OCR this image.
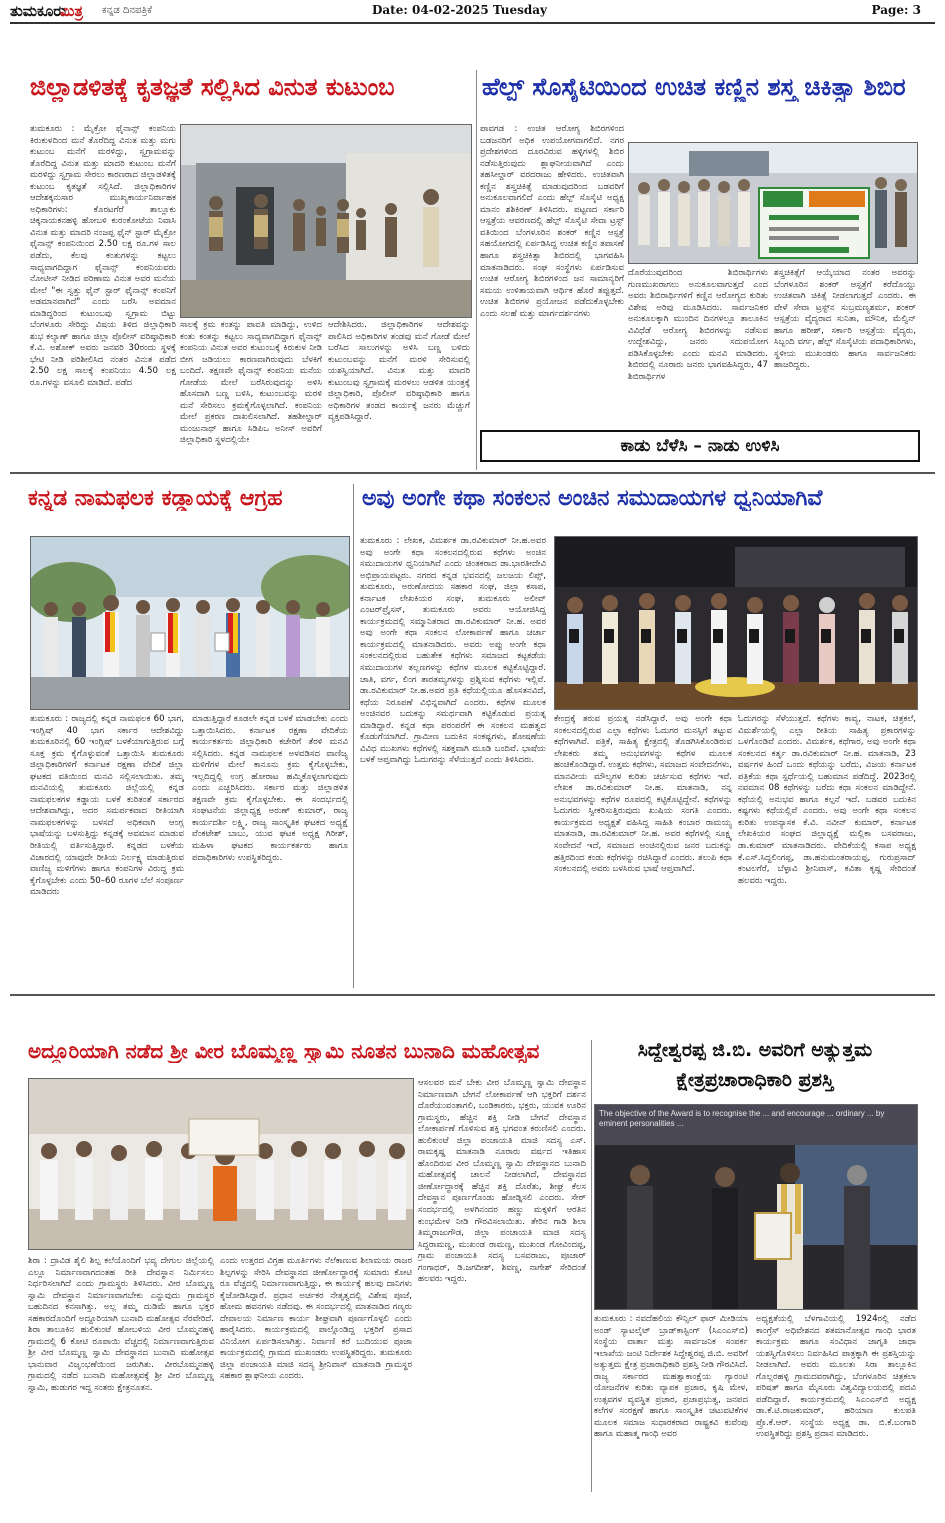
ತುಮಕೂರು
ಮಿತ್ರ ಕನ್ನಡ ದಿನಪತ್ರಿಕೆ	Date: 04-02-2025 Tuesday	Page: 3
ಜಿಲ್ಲಾಡಳಿತಕ್ಕೆ ಕೃತಜ್ಞತೆ ಸಲ್ಲಿಸಿದ ವಿನುತ ಕುಟುಂಬ
ತುಮಕೂರು : ಮೈಕ್ರೋ ಫೈನಾನ್ಸ್ ಕಂಪನಿಯ ಕಿರುಕುಳದಿಂದ ಮನೆ ತೊರೆದಿದ್ದ ವಿನುತ ಮತ್ತು ಮಗು ಕುಟುಂಬ ಮನೆಗೆ ಮರಳಿದ್ದು, ಸ್ವಗ್ರಾಮವನ್ನು ತೊರೆದಿದ್ದ ವಿನುತ ಮತ್ತು ಮಾದರಿ ಕುಟುಂಬ ಮನೆಗೆ ಮರಳಿದ್ದು ಸ್ವಗ್ರಾಮ ಸೇರಲು ಕಾರಣರಾದ ಜಿಲ್ಲಾಡಳಿತಕ್ಕೆ ಕುಟುಂಬ ಕೃತಜ್ಞತೆ ಸಲ್ಲಿಸಿದೆ. ಜಿಲ್ಲಾಧಿಕಾರಿಗಳ ಆದೇಶಕ್ಕನುಸಾರ ಮುಖ್ಯಕಾರ್ಯನಿರ್ವಾಹಕ ಅಧಿಕಾರಿಗಳು: ಕೊರಟಗೆರೆ ತಾಲ್ಲೂಕು ಚಿಕ್ಕನಾಯಕನಹಳ್ಳಿ ಹೋಬಳಿ ಕುರಂಕೋಟೆಯ ನಿವಾಸಿ ವಿನುತ ಮತ್ತು ಮಾದರಿ ನಂಜಪ್ಪ ಫೈನ್ ಸ್ಟಾರ್ ಮೈಕ್ರೋ ಫೈನಾನ್ಸ್ ಕಂಪನಿಯಿಂದ 2.50 ಲಕ್ಷ ರೂ.ಗಳ ಸಾಲ ಪಡೆದು, ಕೆಲವು ಕಂತುಗಳನ್ನು ಕಟ್ಟಲು ಸಾಧ್ಯವಾಗದಿದ್ದಾಗ ಫೈನಾನ್ಸ್ ಕಂಪನಿಯವರು ನೋಟೀಸ್ ನೀಡಿದ ಪರಿಣಾಮ ವಿನುತ ಅವರ ಮನೆಯ ಮೇಲೆ "ಈ ಸ್ವತ್ತು ಫೈನ್ ಸ್ಟಾರ್ ಫೈನಾನ್ಸ್ ಕಂಪನಿಗೆ ಅಡಮಾನವಾಗಿದೆ" ಎಂದು ಬರೆಸಿ ಅವಮಾನ ಮಾಡಿದ್ದರಿಂದ ಕುಟುಂಬವು ಸ್ವಗ್ರಾಮ ಬಿಟ್ಟು ಬೆಂಗಳೂರು ಸೇರಿದ್ದು ವಿಷಯ ತಿಳಿದ ಜಿಲ್ಲಾಧಿಕಾರಿ ಶುಭ ಕಲ್ಯಾಣ್ ಹಾಗೂ ಜಿಲ್ಲಾ ಪೊಲೀಸ್ ವರಿಷ್ಠಾಧಿಕಾರಿ ಕೆ.ವಿ. ಅಶೋಕ್ ಅವರು ಜನವರಿ 30ರಂದು ಸ್ಥಳಕ್ಕೆ ಭೇಟಿ ನೀಡಿ ಪರಿಶೀಲಿಸಿದ ನಂತರ ವಿನುತ ಪಡೆದ 2.50 ಲಕ್ಷ ಸಾಲಕ್ಕೆ ಕಂಪನಿಯು 4.50 ಲಕ್ಷ ರೂ.ಗಳನ್ನು ವಸೂಲಿ ಮಾಡಿದೆ. ಪಡೆದ
ಸಾಲಕ್ಕೆ ಕ್ರಮ ಕಂತನ್ನು ಪಾವತಿ ಮಾಡಿದ್ದು, ಉಳಿದ ಕಂತು ಕಂತನ್ನು ಕಟ್ಟಲು ಸಾಧ್ಯವಾಗದಿದ್ದಾಗ ಫೈನಾನ್ಸ್ ಕಂಪನಿಯ ವಿನುತ ಅವರ ಕುಟುಂಬಕ್ಕೆ ಕಿರುಕುಳ ನೀಡಿ ಬೀಗ ಜಡಿಯಲು ಕಾರಣವಾಗಿರುವುದು ಬೆಳಕಿಗೆ ಬಂದಿದೆ. ತಕ್ಷಣವೇ ಫೈನಾನ್ಸ್ ಕಂಪನಿಯ ಮನೆಯ ಗೋಡೆಯ ಮೇಲೆ ಬರೆಸಿರುವುದನ್ನು ಅಳಿಸಿ ಹೊಸದಾಗಿ ಬಣ್ಣ ಬಳಿಸಿ, ಕುಟುಂಬವನ್ನು ಮರಳಿ ಮನೆ ಸೇರಿಸಲು ಕ್ರಮಕೈಗೊಳ್ಳಲಾಗಿದೆ. ಕಂಪನಿಯ ಮೇಲೆ ಪ್ರಕರಣ ದಾಖಲಿಸಲಾಗಿದೆ. ತಹಶೀಲ್ದಾರ್ ಮಂಜುನಾಥ್ ಹಾಗೂ ಸಿಡಿಪಿಒ ಅನೀಸ್ ಅವರಿಗೆ ಜಿಲ್ಲಾಧಿಕಾರಿ ಸ್ಥಳದಲ್ಲಿಯೇ
ಆದೇಶಿಸಿದರು. ಜಿಲ್ಲಾಧಿಕಾರಿಗಳ ಆದೇಶವನ್ನು ಪಾಲಿಸಿದ ಅಧಿಕಾರಿಗಳ ತಂಡವು ಮನೆ ಗೋಡೆ ಮೇಲೆ ಬರೆಸಿದ ಸಾಲುಗಳನ್ನು ಅಳಿಸಿ ಬಣ್ಣ ಬಳಿದು ಕುಟುಂಬವನ್ನು ಮನೆಗೆ ಮರಳಿ ಸೇರಿಸುವಲ್ಲಿ ಯಶಸ್ವಿಯಾಗಿದೆ. ವಿನುತ ಮತ್ತು ಮಾದರಿ ಕುಟುಂಬವು ಸ್ವಗ್ರಾಮಕ್ಕೆ ಮರಳಲು ಆಡಳಿತ ಯಂತ್ರಕ್ಕೆ ಜಿಲ್ಲಾಧಿಕಾರಿ, ಪೊಲೀಸ್ ವರಿಷ್ಠಾಧಿಕಾರಿ ಹಾಗೂ ಅಧಿಕಾರಿಗಳ ತಂಡದ ಕಾರ್ಯಕ್ಕೆ ಜನರು ಮೆಚ್ಚುಗೆ ವ್ಯಕ್ತಪಡಿಸಿದ್ದಾರೆ.
ಹೆಲ್ಪ್ ಸೊಸೈಟಿಯಿಂದ ಉಚಿತ ಕಣ್ಣಿನ ಶಸ್ತ್ರ ಚಿಕಿತ್ಸಾ ಶಿಬಿರ
ಪಾವಗಡ : ಉಚಿತ ಆರೋಗ್ಯ ಶಿಬಿರಗಳಿಂದ ಬಡಜನರಿಗೆ ಅಧಿಕ ಉಪಯೋಗವಾಗಲಿದೆ. ನಗರ ಪ್ರದೇಶಗಳಿಂದ ದೂರವಿರುವ ಹಳ್ಳಿಗಳಲ್ಲಿ ಶಿಬಿರ ನಡೆಸುತ್ತಿರುವುದು ಶ್ಲಾಘನೀಯವಾಗಿದೆ ಎಂದು ತಹಸೀಲ್ದಾರ್ ವರದರಾಜು ಹೇಳಿದರು. ಉಚಿತವಾಗಿ ಕಣ್ಣಿನ ಶಸ್ತ್ರಚಿಕಿತ್ಸೆ ಮಾಡುವುದರಿಂದ ಬಡವರಿಗೆ ಅನುಕೂಲವಾಗಲಿದೆ ಎಂದು ಹೆಲ್ಪ್ ಸೊಸೈಟಿ ಅಧ್ಯಕ್ಷ ಮಾನಂ ಶಶಿಕಿರಣ್ ತಿಳಿಸಿದರು. ಪಟ್ಟಣದ ಸರ್ಕಾರಿ ಆಸ್ಪತ್ರೆಯ ಆವರಣದಲ್ಲಿ ಹೆಲ್ಪ್ ಸೊಸೈಟಿ ಸೇವಾ ಟ್ರಸ್ಟ್ ವತಿಯಿಂದ ಬೆಂಗಳೂರಿನ ಶಂಕರ್ ಕಣ್ಣಿನ ಆಸ್ಪತ್ರೆ ಸಹಯೋಗದಲ್ಲಿ ಏರ್ಪಡಿಸಿದ್ದ ಉಚಿತ ಕಣ್ಣಿನ ತಪಾಸಣೆ ಹಾಗೂ ಶಸ್ತ್ರಚಿಕಿತ್ಸಾ ಶಿಬಿರದಲ್ಲಿ ಭಾಗವಹಿಸಿ ಮಾತನಾಡಿದರು. ಸಂಘ ಸಂಸ್ಥೆಗಳು ಏರ್ಪಡಿಸುವ ಉಚಿತ ಆರೋಗ್ಯ ಶಿಬಿರಗಳಿಂದ ಜನ ಸಾಮಾನ್ಯರಿಗೆ ಸಮಯ ಉಳಿತಾಯವಾಗಿ ಆರ್ಥಿಕ ಹೊರೆ ತಪ್ಪುತ್ತದೆ. ಉಚಿತ ಶಿಬಿರಗಳ ಪ್ರಯೋಜನ ಪಡೆದುಕೊಳ್ಳಬೇಕು ಎಂದು ಸಲಹೆ ಮತ್ತು ಮಾರ್ಗದರ್ಶನಗಳು
ದೊರೆಯುವುದರಿಂದ ಶಿಬಿರಾರ್ಥಿಗಳು ಗುಣಮುಖರಾಗಲು ಅನುಕೂಲವಾಗುತ್ತದೆ ಎಂದ ಅವರು ಶಿಬಿರಾರ್ಥಿಗಳಿಗೆ ಕಣ್ಣಿನ ಆರೋಗ್ಯದ ಕುರಿತು ವಿಶೇಷ ಅರಿವು ಮೂಡಿಸಿದರು. ಸಾರ್ವಜನಿಕರ ಅನುಕೂಲಕ್ಕಾಗಿ ಮುಂದಿನ ದಿನಗಳಲ್ಲೂ ತಾಲೂಕಿನ ವಿವಿಧೆಡೆ ಆರೋಗ್ಯ ಶಿಬಿರಗಳನ್ನು ನಡೆಸುವ ಉದ್ದೇಶವಿದ್ದು, ಜನರು ಸದುಪಯೋಗ ಪಡಿಸಿಕೊಳ್ಳಬೇಕು ಎಂದು ಮನವಿ ಮಾಡಿದರು. ಶಿಬಿರದಲ್ಲಿ ನೂರಾರು ಜನರು ಭಾಗವಹಿಸಿದ್ದರು, 47 ಶಿಬಿರಾರ್ಥಿಗಳ
ಶಸ್ತ್ರಚಿಕಿತ್ಸೆಗೆ ಆಯ್ಕೆಯಾದ ನಂತರ ಅವರನ್ನು ಬೆಂಗಳೂರಿನ ಶಂಕರ್ ಆಸ್ಪತ್ರೆಗೆ ಕರೆದೊಯ್ದು ಉಚಿತವಾಗಿ ಚಿಕಿತ್ಸೆ ನೀಡಲಾಗುತ್ತದೆ ಎಂದರು. ಈ ವೇಳೆ ಸೇವಾ ಟ್ರಸ್ಟ್‌ನ ಸುಬ್ರಮಣ್ಯಶರ್ಮ, ಶಂಕರ್ ಆಸ್ಪತ್ರೆಯ ವೈದ್ಯರಾದ ಸುನಿತಾ, ಮೌನಿಕ, ಮೆಲ್ವಿನ್ ಹಾಗೂ ಹರೀಶ್, ಸರ್ಕಾರಿ ಆಸ್ಪತ್ರೆಯ ವೈದ್ಯರು, ಸಿಬ್ಬಂದಿ ವರ್ಗ, ಹೆಲ್ಪ್ ಸೊಸೈಟಿಯ ಪದಾಧಿಕಾರಿಗಳು, ಸ್ಥಳೀಯ ಮುಖಂಡರು ಹಾಗೂ ಸಾರ್ವಜನಿಕರು ಹಾಜರಿದ್ದರು.
ಕಾಡು ಬೆಳೆಸಿ – ನಾಡು ಉಳಿಸಿ
ಕನ್ನಡ ನಾಮಫಲಕ ಕಡ್ಡಾಯಕ್ಕೆ ಆಗ್ರಹ
ತುಮಕೂರು : ರಾಜ್ಯದಲ್ಲಿ ಕನ್ನಡ ನಾಮಫಲಕ 60 ಭಾಗ, ಇಂಗ್ಲಿಷ್ 40 ಭಾಗ ಸರ್ಕಾರ ಆದೇಶವಿದ್ದು ತುಮಕೂರಿನಲ್ಲಿ 60 ಇಂಗ್ಲಿಷ್ ಬಳಕೆಯಾಗುತ್ತಿರುವ ಬಗ್ಗೆ ಸೂಕ್ತ ಕ್ರಮ ಕೈಗೊಳ್ಳುವಂತೆ ಒತ್ತಾಯಿಸಿ ತುಮಕೂರು ಜಿಲ್ಲಾಧಿಕಾರಿಗಳಿಗೆ ಕರ್ನಾಟಕ ರಕ್ಷಣಾ ವೇದಿಕೆ ಜಿಲ್ಲಾ ಘಟಕದ ವತಿಯಿಂದ ಮನವಿ ಸಲ್ಲಿಸಲಾಯಿತು. ತಮ್ಮ ಮನವಿಯಲ್ಲಿ ತುಮಕೂರು ಜಿಲ್ಲೆಯಲ್ಲಿ ಕನ್ನಡ ನಾಮಫಲಕಗಳ ಕಡ್ಡಾಯ ಬಳಕೆ ಕುರಿತಂತೆ ಸರ್ಕಾರದ ಆದೇಶವಾಗಿದ್ದು, ಅದರ ಸಮರ್ಪಕವಾದ ರೀತಿಯಾಗಿ ನಾಮಫಲಕಗಳನ್ನು ಬಳಸದೆ ಅಧಿಕವಾಗಿ ಆಂಗ್ಲ ಭಾಷೆಯನ್ನು ಬಳಸುತ್ತಿದ್ದು ಕನ್ನಡಕ್ಕೆ ಅವಮಾನ ಮಾಡುವ ರೀತಿಯಲ್ಲಿ ವರ್ತಿಸುತ್ತಿದ್ದಾರೆ. ಕನ್ನಡದ ಬಳಕೆಯ ವಿಚಾರದಲ್ಲಿ ಯಾವುದೇ ರೀತಿಯ ನಿರ್ಲಕ್ಷ್ಯ ಮಾಡುತ್ತಿರುವ ವಾಣಿಜ್ಯ ಮಳಿಗೆಗಳು ಹಾಗೂ ಕಂಪನಿಗಳ ವಿರುದ್ಧ ಕ್ರಮ ಕೈಗೊಳ್ಳಬೇಕು ಎಂದು 50–60 ರೂಗಳ ಬೆಲೆ ಸಂಪೂರ್ಣ ಮಾಡಿದರು
ಮಾಡುತ್ತಿದ್ದಾರೆ ಕೂಡಲೇ ಕನ್ನಡ ಬಳಕೆ ಮಾಡಬೇಕು ಎಂದು ಒತ್ತಾಯಿಸಿದರು. ಕರ್ನಾಟಕ ರಕ್ಷಣಾ ವೇದಿಕೆಯ ಕಾರ್ಯಕರ್ತರು ಜಿಲ್ಲಾಧಿಕಾರಿ ಕಚೇರಿಗೆ ತೆರಳಿ ಮನವಿ ಸಲ್ಲಿಸಿದರು. ಕನ್ನಡ ನಾಮಫಲಕ ಅಳವಡಿಸದ ವಾಣಿಜ್ಯ ಮಳಿಗೆಗಳ ಮೇಲೆ ಕಾನೂನು ಕ್ರಮ ಕೈಗೊಳ್ಳಬೇಕು, ಇಲ್ಲದಿದ್ದಲ್ಲಿ ಉಗ್ರ ಹೋರಾಟ ಹಮ್ಮಿಕೊಳ್ಳಲಾಗುವುದು ಎಂದು ಎಚ್ಚರಿಸಿದರು. ಸರ್ಕಾರ ಮತ್ತು ಜಿಲ್ಲಾಡಳಿತ ತಕ್ಷಣವೇ ಕ್ರಮ ಕೈಗೊಳ್ಳಬೇಕು. ಈ ಸಂದರ್ಭದಲ್ಲಿ ಸಂಘಟನೆಯ ಜಿಲ್ಲಾಧ್ಯಕ್ಷ ಅರುಣ್ ಕುಮಾರ್, ರಾಜ್ಯ ಕಾರ್ಯದರ್ಶಿ ಲಕ್ಷ್ಮಿ, ರಾಜ್ಯ ಸಾಂಸ್ಕೃತಿಕ ಘಟಕದ ಅಧ್ಯಕ್ಷೆ ವೆಂಕಟೇಶ್ ಬಾಬು, ಯುವ ಘಟಕ ಅಧ್ಯಕ್ಷ ಗಿರೀಶ್, ಮಹಿಳಾ ಘಟಕದ ಕಾರ್ಯಕರ್ತರು ಹಾಗೂ ಪದಾಧಿಕಾರಿಗಳು ಉಪಸ್ಥಿತರಿದ್ದರು.
ಅವು ಅಂಗೇ ಕಥಾ ಸಂಕಲನ ಅಂಚಿನ ಸಮುದಾಯಗಳ ಧ್ವನಿಯಾಗಿವೆ
ತುಮಕೂರು : ಲೇಖಕ, ವಿಮರ್ಶಕ ಡಾ.ರವಿಕುಮಾರ್ ನೀ.ಹ.ಅವರ ಅವು ಅಂಗೇ ಕಥಾ ಸಂಕಲನದಲ್ಲಿರುವ ಕಥೆಗಳು ಅಂಚಿನ ಸಮುದಾಯಗಳ ಧ್ವನಿಯಾಗಿವೆ ಎಂದು ಚಿಂತಕರಾದ ಡಾ.ಭಾರತೀದೇವಿ ಅಭಿಪ್ರಾಯಪಟ್ಟರು. ನಗರದ ಕನ್ನಡ ಭವನದಲ್ಲಿ ಜಲಜಯ ಲಿಪ್ಸ್, ತುಮಕೂರು, ಅರುಣೋದಯ ಸಹಕಾರ ಸಂಘ, ಜಿಲ್ಲಾ ಕಸಾಪ, ಕರ್ನಾಟಕ ಲೇಖಕಿಯರ ಸಂಘ, ತುಮಕೂರು ಅಲೀವ್ ಎಂಟರ್‌ಪ್ರೈಸಸ್, ತುಮಕೂರು ಅವರು ಆಯೋಜಿಸಿದ್ದ ಕಾರ್ಯಕ್ರಮದಲ್ಲಿ ಸಮ್ಮಾನಿತರಾದ ಡಾ.ರವಿಕುಮಾರ್ ನೀ.ಹ. ಅವರ ಅವು ಅಂಗೇ ಕಥಾ ಸಂಕಲನ ಲೋಕಾರ್ಪಣೆ ಹಾಗೂ ಚರ್ಚಾ ಕಾರ್ಯಕ್ರಮದಲ್ಲಿ ಮಾತನಾಡಿದರು. ಅವರು ಅಪ್ಪು ಅಂಗೇ ಕಥಾ ಸಂಕಲನದಲ್ಲಿರುವ ಬಹುತೇಕ ಕಥೆಗಳು ಸಮಾಜದ ಕಟ್ಟಕಡೆಯ ಸಮುದಾಯಗಳ ತಲ್ಲಣಗಳನ್ನು ಕಥೆಗಳ ಮೂಲಕ ಕಟ್ಟಿಕೊಟ್ಟಿದ್ದಾರೆ. ಜಾತಿ, ವರ್ಗ, ಲಿಂಗ ತಾರತಮ್ಯಗಳನ್ನು ಪ್ರಶ್ನಿಸುವ ಕಥೆಗಳು ಇಲ್ಲಿವೆ. ಡಾ.ರವಿಕುಮಾರ್ ನೀ.ಹ.ಅವರ ಪ್ರತಿ ಕಥೆಯಲ್ಲಿಯೂ ಹೊಸತನವಿದೆ, ಕಥೆಯ ನಿರೂಪಣೆ ವಿಭಿನ್ನವಾಗಿದೆ ಎಂದರು. ಕಥೆಗಳ ಮೂಲಕ ಅಂಚಿನವರ ಬದುಕನ್ನು ಸಮರ್ಥವಾಗಿ ಕಟ್ಟಿಕೊಡುವ ಪ್ರಯತ್ನ ಮಾಡಿದ್ದಾರೆ. ಕನ್ನಡ ಕಥಾ ಪರಂಪರೆಗೆ ಈ ಸಂಕಲನ ಮಹತ್ವದ ಕೊಡುಗೆಯಾಗಿದೆ. ಗ್ರಾಮೀಣ ಬದುಕಿನ ಸಂಕಷ್ಟಗಳು, ಶೋಷಣೆಯ ವಿವಿಧ ಮುಖಗಳು ಕಥೆಗಳಲ್ಲಿ ಸಶಕ್ತವಾಗಿ ಮೂಡಿ ಬಂದಿವೆ. ಭಾಷೆಯ ಬಳಕೆ ಆಪ್ತವಾಗಿದ್ದು ಓದುಗರನ್ನು ಸೆಳೆಯುತ್ತದೆ ಎಂದು ತಿಳಿಸಿದರು.
ಕೇಂದ್ರಕ್ಕೆ ತರುವ ಪ್ರಯತ್ನ ನಡೆಸಿದ್ದಾರೆ. ಅವು ಅಂಗೇ ಕಥಾ ಸಂಕಲನದಲ್ಲಿರುವ ಎಲ್ಲಾ ಕಥೆಗಳು ಓದುಗರ ಮನಸ್ಸಿಗೆ ತಟ್ಟುವ ಕಥೆಗಳಾಗಿವೆ. ಪತ್ರಿಕೆ, ಸಾಹಿತ್ಯ ಕ್ಷೇತ್ರದಲ್ಲಿ ತೊಡಗಿಸಿಕೊಂಡಿರುವ ಲೇಖಕರು ತಮ್ಮ ಅನುಭವಗಳನ್ನು ಕಥೆಗಳ ಮೂಲಕ ಹಂಚಿಕೊಂಡಿದ್ದಾರೆ. ಉತ್ತಮ ಕಥೆಗಳು, ಸಮಾಜದ ಸಂವೇದನೆಗಳು, ಮಾನವೀಯ ಮೌಲ್ಯಗಳ ಕುರಿತು ಚರ್ಚಿಸುವ ಕಥೆಗಳು ಇವೆ. ಲೇಖಕ ಡಾ.ರವಿಕುಮಾರ್ ನೀ.ಹ. ಮಾತನಾಡಿ, ನನ್ನ ಅನುಭವಗಳನ್ನು ಕಥೆಗಳ ರೂಪದಲ್ಲಿ ಕಟ್ಟಿಕೊಟ್ಟಿದ್ದೇನೆ. ಕಥೆಗಳನ್ನು ಓದುಗರು ಸ್ವೀಕರಿಸುತ್ತಿರುವುದು ಖುಷಿಯ ಸಂಗತಿ ಎಂದರು. ಕಾರ್ಯಕ್ರಮದ ಅಧ್ಯಕ್ಷತೆ ವಹಿಸಿದ್ದ ಸಾಹಿತಿ ಕಂಬಾರ ರಾಮಯ್ಯ ಮಾತನಾಡಿ, ಡಾ.ರವಿಕುಮಾರ್ ನೀ.ಹ. ಅವರ ಕಥೆಗಳಲ್ಲಿ ಸೂಕ್ಷ್ಮ ಸಂವೇದನೆ ಇದೆ, ಸಮಾಜದ ಅಂಚಿನಲ್ಲಿರುವ ಜನರ ಬದುಕನ್ನು ಹತ್ತಿರದಿಂದ ಕಂಡು ಕಥೆಗಳನ್ನು ರಚಿಸಿದ್ದಾರೆ ಎಂದರು. ತಲುಪಿ ಕಥಾ ಸಂಕಲನದಲ್ಲಿ ಅವರು ಬಳಸಿರುವ ಭಾಷೆ ಆಪ್ತವಾಗಿದೆ.
ಓದುಗರನ್ನು ಸೆಳೆಯುತ್ತದೆ. ಕಥೆಗಳು ಕಾವ್ಯ, ನಾಟಕ, ಚಿತ್ರಕಲೆ, ವಿಮರ್ಶೆಯಲ್ಲಿ ಎಲ್ಲಾ ರೀತಿಯ ಸಾಹಿತ್ಯ ಪ್ರಕಾರಗಳನ್ನು ಒಳಗೊಂಡಿವೆ ಎಂದರು. ವಿಮರ್ಶಕ, ಕಥೆಗಾರ, ಅವು ಅಂಗೇ ಕಥಾ ಸಂಕಲನದ ಕರ್ತೃ ಡಾ.ರವಿಕುಮಾರ್ ನೀ.ಹ. ಮಾತನಾಡಿ, 23 ವರ್ಷಗಳ ಹಿಂದೆ ಒಂದು ಕಥೆಯನ್ನು ಬರೆದು, ವಿಜಯ ಕರ್ನಾಟಕ ಪತ್ರಿಕೆಯ ಕಥಾ ಸ್ಪರ್ಧೆಯಲ್ಲಿ ಬಹುಮಾನ ಪಡೆದಿದ್ದೆ. 2023ರಲ್ಲಿ ನವಮಾನ 08 ಕಥೆಗಳನ್ನು ಬರೆದು ಕಥಾ ಸಂಕಲನ ಮಾಡಿದ್ದೇನೆ. ಕಥೆಯಲ್ಲಿ ಅನುಭವ ಹಾಗೂ ಕಲ್ಪನೆ ಇದೆ. ಬಡವರ ಬದುಕಿನ ಕಷ್ಟಗಳು ಕಥೆಯಲ್ಲಿವೆ ಎಂದರು. ಅವು ಅಂಗೇ ಕಥಾ ಸಂಕಲನ ಕುರಿತು ಉಪನ್ಯಾಸಕ ಕೆ.ವಿ. ನವೀನ್ ಕುಮಾರ್, ಕರ್ನಾಟಕ ಲೇಖಕಿಯರ ಸಂಘದ ಜಿಲ್ಲಾಧ್ಯಕ್ಷೆ ಮಲ್ಲಿಕಾ ಬಸವರಾಜು, ಡಾ.ಕುಮಾರ್ ಮಾತನಾಡಿದರು. ವೇದಿಕೆಯಲ್ಲಿ ಕಸಾಪ ಅಧ್ಯಕ್ಷ ಕೆ.ಎಸ್.ಸಿದ್ದಲಿಂಗಪ್ಪ, ಡಾ.ಹನುಮಂತರಾಯಪ್ಪ, ಗುರುಪ್ರಸಾದ್ ಕಂಟಲಗೆರೆ, ಬೆಳ್ಳಾವಿ ಶ್ರೀನಿವಾಸ್, ಕವಿತಾ ಕೃಷ್ಣ ಸೇರಿದಂತೆ ಹಲವರು ಇದ್ದರು.
ಅದ್ದೂರಿಯಾಗಿ ನಡೆದ ಶ್ರೀ ವೀರ ಬೊಮ್ಮಣ್ಣ ಸ್ವಾಮಿ ನೂತನ ಬುನಾದಿ ಮಹೋತ್ಸವ
ಶಿರಾ : ದ್ರಾವಿಡ ಶೈಲಿ ಶಿಲ್ಪ ಕಲೆಯೊಂದಿಗೆ ಭವ್ಯ ದೇಗುಲ ಜಿಲ್ಲೆಯಲ್ಲಿ ಎಲ್ಲೂ ನಿರ್ಮಾಣವಾಗದಂತಹ ರೀತಿ ದೇವಸ್ಥಾನ ನಿರ್ಮಿಸಲು ನಿರ್ಧರಿಸಲಾಗಿದೆ ಎಂದು ಗ್ರಾಮಸ್ಥರು ತಿಳಿಸಿದರು. ವೀರ ಬೊಮ್ಮಣ್ಣ ಸ್ವಾಮಿ ದೇವಸ್ಥಾನ ನಿರ್ಮಾಣವಾಗಬೇಕು ಎನ್ನುವುದು ಗ್ರಾಮಸ್ಥರ ಬಹುದಿನದ ಕನಸಾಗಿತ್ತು. ಅಲ್ಲ ತಮ್ಮ ದುಡಿಮೆ ಹಾಗೂ ಭಕ್ತರ ಸಹಕಾರದೊಂದಿಗೆ ಅದ್ದೂರಿಯಾಗಿ ಬುನಾದಿ ಮಹೋತ್ಸವ ನೆರವೇರಿದೆ. ಶಿರಾ ತಾಲೂಕಿನ ಹುಲಿಕುಂಟೆ ಹೋಬಳಿಯ ವೀರ ಬೊಮ್ಮನಹಳ್ಳಿ ಗ್ರಾಮದಲ್ಲಿ 6 ಕೋಟಿ ರೂಪಾಯಿ ವೆಚ್ಚದಲ್ಲಿ ನಿರ್ಮಾಣವಾಗುತ್ತಿರುವ ಶ್ರೀ ವೀರ ಬೊಮ್ಮಣ್ಣ ಸ್ವಾಮಿ ದೇವಸ್ಥಾನದ ಬುನಾದಿ ಮಹೋತ್ಸವ ಭಾನುವಾರ ವಿಜೃಂಭಣೆಯಿಂದ ಜರುಗಿತು. ವೀರಬೊಮ್ಮನಹಳ್ಳಿ ಗ್ರಾಮದಲ್ಲಿ ನಡೆದ ಬುನಾದಿ ಮಹೋತ್ಸವಕ್ಕೆ ಶ್ರೀ ವೀರ ಬೊಮ್ಮಣ್ಣ ಸ್ವಾಮಿ, ಹುಡುಗರ ಇದ್ದ ಸಂತರು ಕ್ಷೇತ್ರನೂತನ.
ಎಂದು ಉತ್ತರದ ವಿಗ್ರಹ ಮೂರ್ತಿಗಳು ನೆಲೆಕಾಣುವ ಶಿಲಾಮಯ ರಾಜರ ಶಿಲ್ಪಗಳನ್ನು ಸೇರಿಸಿ ದೇವಸ್ಥಾನದ ಜೀರ್ಣೋದ್ಧಾರಕ್ಕೆ ಸುಮಾರು ಕೋಟಿ ರೂ ವೆಚ್ಚದಲ್ಲಿ ನಿರ್ಮಾಣವಾಗುತ್ತಿದ್ದು, ಈ ಕಾರ್ಯಕ್ಕೆ ಹಲವು ದಾನಿಗಳು ಕೈಜೋಡಿಸಿದ್ದಾರೆ. ಪ್ರಧಾನ ಅರ್ಚಕರ ನೇತೃತ್ವದಲ್ಲಿ ವಿಶೇಷ ಪೂಜೆ, ಹೋಮ ಹವನಗಳು ನಡೆದವು. ಈ ಸಂದರ್ಭದಲ್ಲಿ ಮಾತನಾಡಿದ ಗಣ್ಯರು ದೇವಾಲಯ ನಿರ್ಮಾಣ ಕಾರ್ಯ ಶೀಘ್ರವಾಗಿ ಪೂರ್ಣಗೊಳ್ಳಲಿ ಎಂದು ಹಾರೈಸಿದರು. ಕಾರ್ಯಕ್ರಮದಲ್ಲಿ ಪಾಲ್ಗೊಂಡಿದ್ದ ಭಕ್ತರಿಗೆ ಪ್ರಸಾದ ವಿನಿಯೋಗ ಏರ್ಪಡಿಸಲಾಗಿತ್ತು. ನಿರ್ವಾಣಿ ಕರೆ ಬುದಿಯುವ ಪೂಜಾ ಕಾರ್ಯಕ್ರಮದಲ್ಲಿ ಗ್ರಾಮದ ಮುಖಂಡರು ಉಪಸ್ಥಿತರಿದ್ದರು. ತುಮಕೂರು ಜಿಲ್ಲಾ ಪಂಚಾಯತಿ ಮಾಜಿ ಸದಸ್ಯ ಶ್ರೀನಿವಾಸ್ ಮಾತನಾಡಿ ಗ್ರಾಮಸ್ಥರ ಸಹಕಾರ ಶ್ಲಾಘನೀಯ ಎಂದರು.
ಆಸಲವರ ಮನೆ ಬೇಕು ವೀರ ಬೊಮ್ಮಣ್ಣ ಸ್ವಾಮಿ ದೇವಸ್ಥಾನ ನಿರ್ಮಾಣವಾಗಿ ಬೇಗನೆ ಲೋಕಾರ್ಪಣೆ ಆಗಿ ಭಕ್ತರಿಗೆ ದರ್ಶನ ದೊರೆಯುವಂತಾಗಲಿ, ಬಂಡಿಕಾರರು, ಭಕ್ತರು, ಯುವಕ ಊರಿನ ಗ್ರಾಮಸ್ಥರು, ಹೆಚ್ಚಿನ ಶಕ್ತಿ ನೀಡಿ ಬೇಗನೆ ದೇವಸ್ಥಾನ ಲೋಕಾರ್ಪಣೆ ಗೊಳಿಸುವ ಶಕ್ತಿ ಭಗವಂತ ಕರುಣಿಸಲಿ ಎಂದರು. ಹುಲಿಕುಂಟೆ ಜಿಲ್ಲಾ ಪಂಚಾಯತಿ ಮಾಜಿ ಸದಸ್ಯ ಎಸ್. ರಾಮಕೃಷ್ಣ ಮಾತನಾಡಿ ನೂರಾರು ವರ್ಷದ ಇತಿಹಾಸ ಹೊಂದಿರುವ ವೀರ ಬೊಮ್ಮಣ್ಣ ಸ್ವಾಮಿ ದೇವಸ್ಥಾನದ ಬುನಾದಿ ಮಹೋತ್ಸವಕ್ಕೆ ಚಾಲನೆ ನೀಡಲಾಗಿದೆ, ದೇವಸ್ಥಾನದ ಜೀರ್ಣೋದ್ಧಾರಕ್ಕೆ ಹೆಚ್ಚಿನ ಶಕ್ತಿ ದೊರೆತು, ಶೀಘ್ರ ಕೆಲಸ ದೇವಸ್ಥಾನ ಪೂರ್ಣಗೊಂಡು ಹೋಡ್ನಿಸಲಿ ಎಂದರು. ಸೇಠ್ ಸಂದರ್ಭದಲ್ಲಿ ಅಳಗಿನಂದರ ಹಣ್ಣು ಮಕ್ಕಳಿಗೆ ಆರತಿನ ಕುಂಭಮೇಳ ನೀಡಿ ಗೌರವಿಸಲಾಯಿತು. ತೇರಿನ ಗಾಡಿ ಶಿಲಾ ತಿಮ್ಮರಾಜುಗೌಡ, ಜಿಲ್ಲಾ ಪಂಚಾಯತಿ ಮಾಜಿ ಸದಸ್ಯ ಸಿದ್ದರಾಮಣ್ಣ, ಮುಖಂಡ ರಾಮಣ್ಣ, ಮುಖಂಡ ಗೋವಿಂದಪ್ಪ, ಗ್ರಾಮ ಪಂಚಾಯತಿ ಸದಸ್ಯ ಬಸವರಾಜು, ಪೂಜಾರ್ ಗಂಗಾಧರ್, ಡಿ.ಜಗದೀಶ್, ಶಿವಣ್ಣ, ನಾಗೇಶ್ ಸೇರಿದಂತೆ ಹಲವರು ಇದ್ದರು.
ಸಿದ್ದೇಶ್ವರಪ್ಪ ಜಿ.ಬಿ. ಅವರಿಗೆ ಅತ್ಯುತ್ತಮ
ಕ್ಷೇತ್ರಪ್ರಚಾರಾಧಿಕಾರಿ ಪ್ರಶಸ್ತಿ
The objective of the Award is to recognise the ... and encourage ... ordinary ... by eminent personalities ...
ತುಮಕೂರು : ನವದೆಹಲಿಯ ಕೌನ್ಸಿಲ್ ಫಾರ್ ಮೀಡಿಯಾ ಅಂಡ್ ಸ್ಯಾಟಲೈಟ್ ಬ್ರಾಡ್‌ಕಾಸ್ಟಿಂಗ್ (ಸಿಎಂಎಸ್‌ಬಿ) ಸಂಸ್ಥೆಯ ವಾರ್ತಾ ಮತ್ತು ಸಾರ್ವಜನಿಕ ಸಂಪರ್ಕ ಇಲಾಖೆಯ ಜಂಟಿ ನಿರ್ದೇಶಕ ಸಿದ್ದೇಶ್ವರಪ್ಪ ಜಿ.ಬಿ. ಅವರಿಗೆ ಅತ್ಯುತ್ತಮ ಕ್ಷೇತ್ರ ಪ್ರಚಾರಾಧಿಕಾರಿ ಪ್ರಶಸ್ತಿ ನೀಡಿ ಗೌರವಿಸಿದೆ. ರಾಜ್ಯ ಸರ್ಕಾರದ ಮಹತ್ವಾಕಾಂಕ್ಷೆಯ ಗ್ಯಾರಂಟಿ ಯೋಜನೆಗಳ ಕುರಿತು ವ್ಯಾಪಕ ಪ್ರಚಾರ, ಕೃಷಿ ಮೇಳ, ಉತ್ಸವಗಳ ವ್ಯವಸ್ಥಿತ ಪ್ರಚಾರ, ಪ್ರಜಾಪ್ರಭುತ್ವ, ಜನಪದ ಕಲೆಗಳ ಸಂರಕ್ಷಣೆ ಹಾಗೂ ಸಾಂಸ್ಕೃತಿಕ ಚಟುವಟಿಕೆಗಳ ಮೂಲಕ ಸಮಾಜ ಸುಧಾರಕರಾದ ರಾಷ್ಟ್ರಕವಿ ಕುವೆಂಪು ಹಾಗೂ ಮಹಾತ್ಮ ಗಾಂಧಿ ಅವರ
ಅಧ್ಯಕ್ಷತೆಯಲ್ಲಿ ಬೆಳಗಾವಿಯಲ್ಲಿ 1924ರಲ್ಲಿ ನಡೆದ ಕಾಂಗ್ರೆಸ್ ಅಧಿವೇಶನದ ಶತಮಾನೋತ್ಸವ ಗಾಂಧಿ ಭಾರತ ಕಾರ್ಯಕ್ರಮ ಹಾಗೂ ಸಂವಿಧಾನ ಜಾಗೃತಿ ಜಾಥಾ ಯಶಸ್ವಿಗೊಳಿಸಲು ನಿರ್ವಹಿಸಿದ ಪಾತ್ರಕ್ಕಾಗಿ ಈ ಪ್ರಶಸ್ತಿಯನ್ನು ನೀಡಲಾಗಿದೆ. ಅವರು ಮೂಲತಃ ಸಿರಾ ತಾಲ್ಲೂಕಿನ ಗೊಲ್ಲರಹಳ್ಳಿ ಗ್ರಾಮದವರಾಗಿದ್ದು, ಬೆಂಗಳೂರಿನ ಚಿತ್ರಕಲಾ ಪರಿಷತ್ ಹಾಗೂ ಮೈಸೂರು ವಿಶ್ವವಿದ್ಯಾಲಯದಲ್ಲಿ ಪದವಿ ಪಡೆದಿದ್ದಾರೆ. ಕಾರ್ಯಕ್ರಮದಲ್ಲಿ ಸಿಎಂಎಸ್‌ಬಿ ಅಧ್ಯಕ್ಷ ಡಾ.ಕೆ.ಟಿ.ರಾಜಕುಮಾರ್, ಹರಿಯಾಣ ಕುಲಪತಿ ಪ್ರೊ.ಕೆ.ಆರ್. ಸಂಸ್ಥೆಯ ಅಧ್ಯಕ್ಷ ಡಾ. ಬಿ.ಕೆ.ಬಂಗಾರಿ ಉಪಸ್ಥಿತರಿದ್ದು ಪ್ರಶಸ್ತಿ ಪ್ರದಾನ ಮಾಡಿದರು.
